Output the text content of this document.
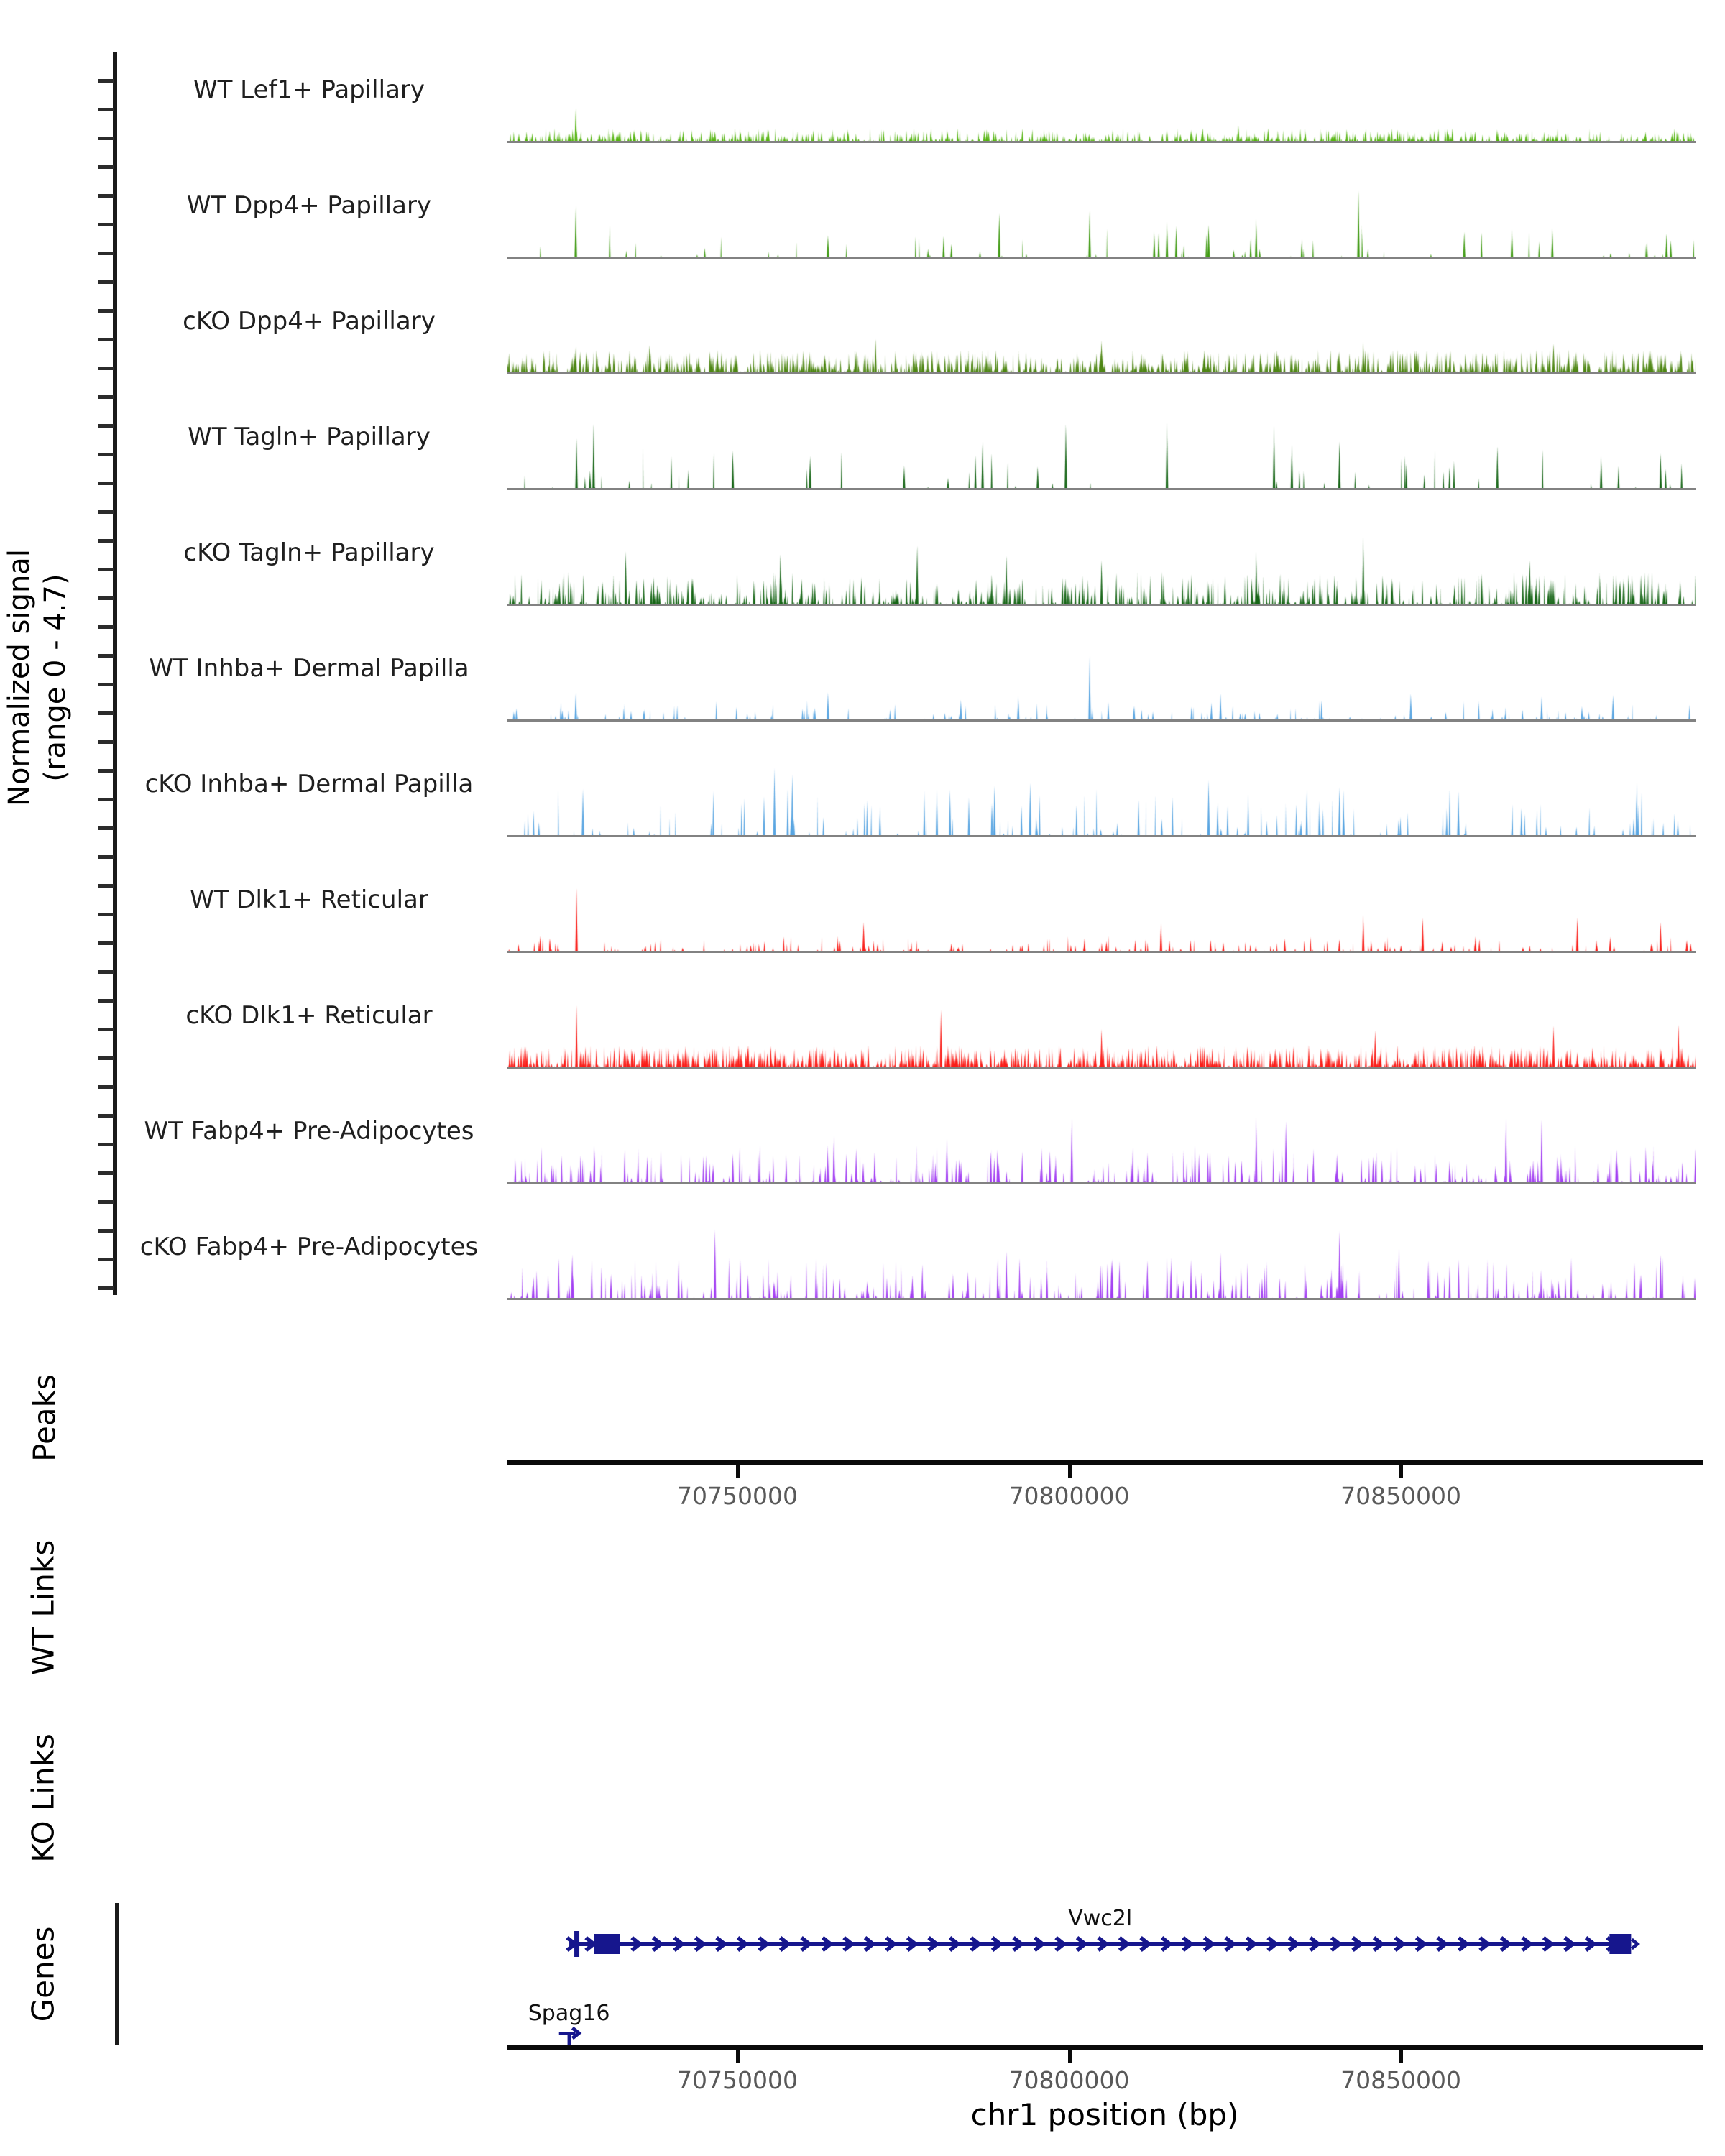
Normalized signal (range 0 - 4.7)
WT Lef1+ Papillary
WT Dpp4+ Papillary
cKO Dpp4+ Papillary
WT Tagln+ Papillary
cKO Tagln+ Papillary
WT Inhba+ Dermal Papilla
cKO Inhba+ Dermal Papilla
WT Dlk1+ Reticular
cKO Dlk1+ Reticular
WT Fabp4+ Pre-Adipocytes
cKO Fabp4+ Pre-Adipocytes
Peaks
WT Links
KO Links
Genes
70750000	70800000	70850000
Vwc2l
Spag16
70750000	70800000	70850000
chr1 position (bp)
